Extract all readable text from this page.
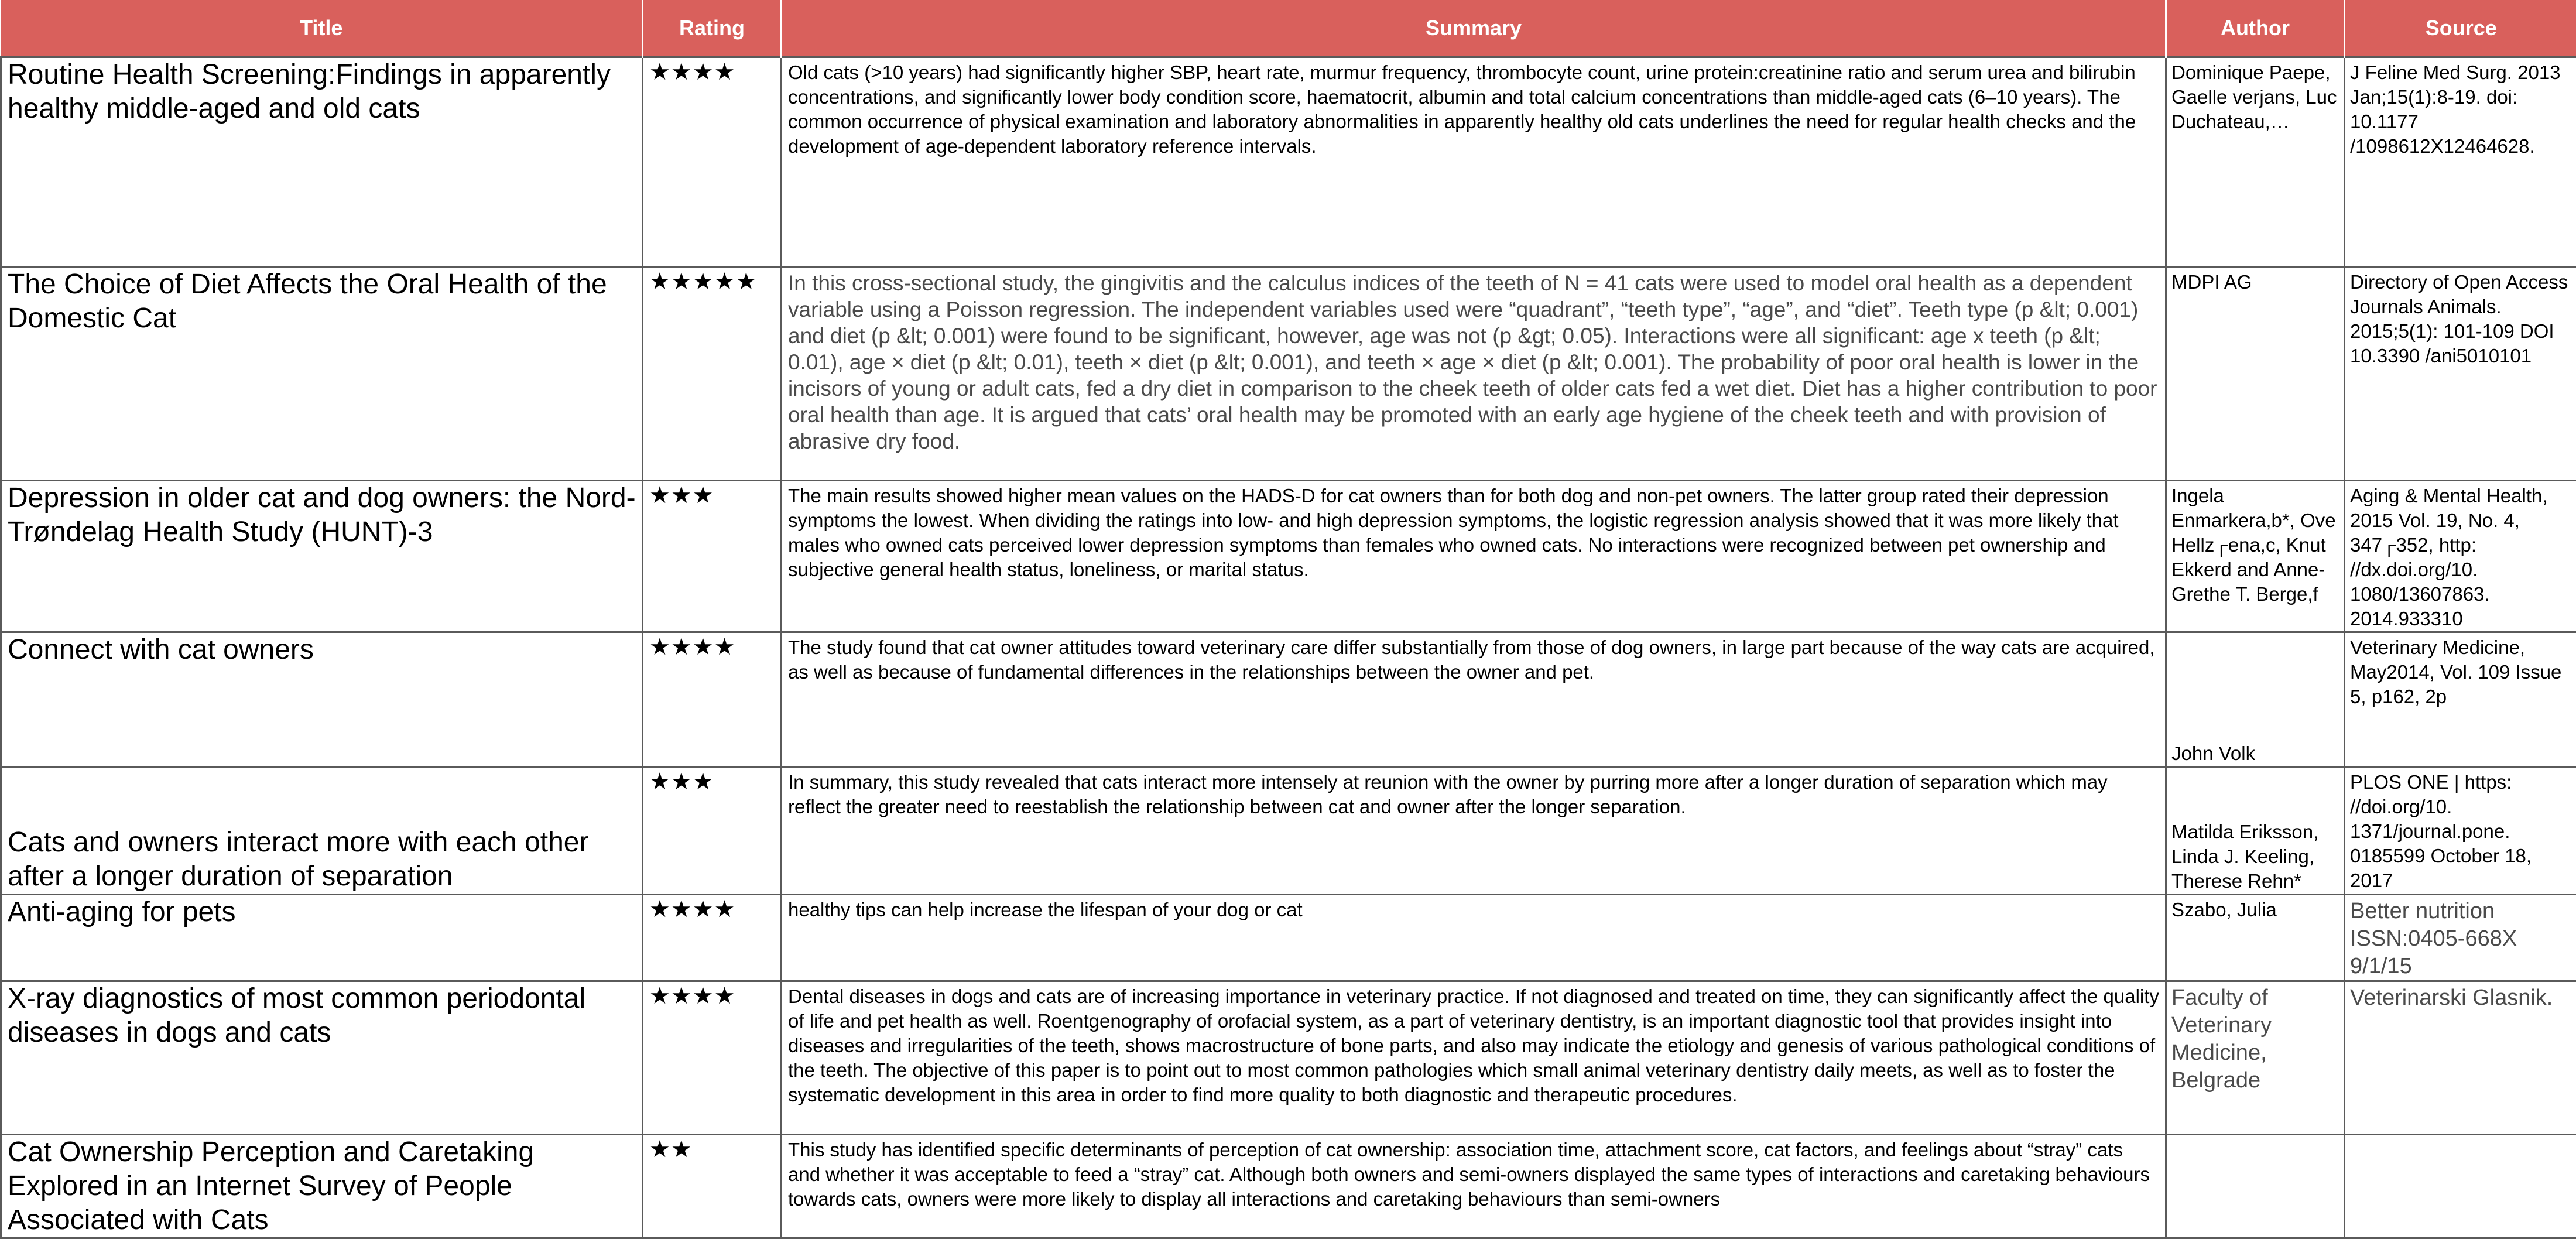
Title	Rating	Summary	Author	Source
Routine Health Screening:Findings in apparently healthy middle-aged and old cats	★★★★	Old cats (>10 years) had significantly higher SBP, heart rate, murmur frequency, thrombocyte count, urine protein:creatinine ratio and serum urea and bilirubin concentrations, and significantly lower body condition score, haematocrit, albumin and total calcium concentrations than middle-aged cats (6–10 years). The common occurrence of physical examination and laboratory abnormalities in apparently healthy old cats underlines the need for regular health checks and the development of age-dependent laboratory reference intervals.	Dominique Paepe, Gaelle verjans, Luc Duchateau,…	J Feline Med Surg. 2013 Jan;15(1):8-19. doi: 10.1177 /1098612X12464628.
The Choice of Diet Affects the Oral Health of the Domestic Cat	★★★★★	In this cross-sectional study, the gingivitis and the calculus indices of the teeth of N = 41 cats were used to model oral health as a dependent variable using a Poisson regression. The independent variables used were “quadrant”, “teeth type”, “age”, and “diet”. Teeth type (p &lt; 0.001) and diet (p &lt; 0.001) were found to be significant, however, age was not (p &gt; 0.05). Interactions were all significant: age x teeth (p &lt; 0.01), age × diet (p &lt; 0.01), teeth × diet (p &lt; 0.001), and teeth × age × diet (p &lt; 0.001). The probability of poor oral health is lower in the incisors of young or adult cats, fed a dry diet in comparison to the cheek teeth of older cats fed a wet diet. Diet has a higher contribution to poor oral health than age. It is argued that cats’ oral health may be promoted with an early age hygiene of the cheek teeth and with provision of abrasive dry food.	MDPI AG	Directory of Open Access Journals Animals. 2015;5(1): 101-109 DOI 10.3390 /ani5010101
Depression in older cat and dog owners: the Nord-Trøndelag Health Study (HUNT)-3	★★★	The main results showed higher mean values on the HADS-D for cat owners than for both dog and non-pet owners. The latter group rated their depression symptoms the lowest. When dividing the ratings into low- and high depression symptoms, the logistic regression analysis showed that it was more likely that males who owned cats perceived lower depression symptoms than females who owned cats. No interactions were recognized between pet ownership and subjective general health status, loneliness, or marital status.	Ingela Enmarkera,b*, Ove Hellz┌ena,c, Knut Ekkerd and Anne-Grethe T. Berge,f	Aging & Mental Health, 2015 Vol. 19, No. 4, 347┌352, http: //dx.doi.org/10. 1080/13607863. 2014.933310
Connect with cat owners	★★★★	The study found that cat owner attitudes toward veterinary care differ substantially from those of dog owners, in large part because of the way cats are acquired, as well as because of fundamental differences in the relationships between the owner and pet.	John Volk	Veterinary Medicine, May2014, Vol. 109 Issue 5, p162, 2p
Cats and owners interact more with each other after a longer duration of separation	★★★	In summary, this study revealed that cats interact more intensely at reunion with the owner by purring more after a longer duration of separation which may reflect the greater need to reestablish the relationship between cat and owner after the longer separation.	Matilda Eriksson, Linda J. Keeling, Therese Rehn*	PLOS ONE | https: //doi.org/10. 1371/journal.pone. 0185599 October 18, 2017
Anti-aging for pets	★★★★	healthy tips can help increase the lifespan of your dog or cat	Szabo, Julia	Better nutrition ISSN:0405-668X 9/1/15
X-ray diagnostics of most common periodontal diseases in dogs and cats	★★★★	Dental diseases in dogs and cats are of increasing importance in veterinary practice. If not diagnosed and treated on time, they can significantly affect the quality of life and pet health as well. Roentgenography of orofacial system, as a part of veterinary dentistry, is an important diagnostic tool that provides insight into diseases and irregularities of the teeth, shows macrostructure of bone parts, and also may indicate the etiology and genesis of various pathological conditions of the teeth. The objective of this paper is to point out to most common pathologies which small animal veterinary dentistry daily meets, as well as to foster the systematic development in this area in order to find more quality to both diagnostic and therapeutic procedures.	Faculty of Veterinary Medicine, Belgrade	Veterinarski Glasnik.
Cat Ownership Perception and Caretaking Explored in an Internet Survey of People Associated with Cats	★★	This study has identified specific determinants of perception of cat ownership: association time, attachment score, cat factors, and feelings about “stray” cats and whether it was acceptable to feed a “stray” cat. Although both owners and semi-owners displayed the same types of interactions and caretaking behaviours towards cats, owners were more likely to display all interactions and caretaking behaviours than semi-owners		
